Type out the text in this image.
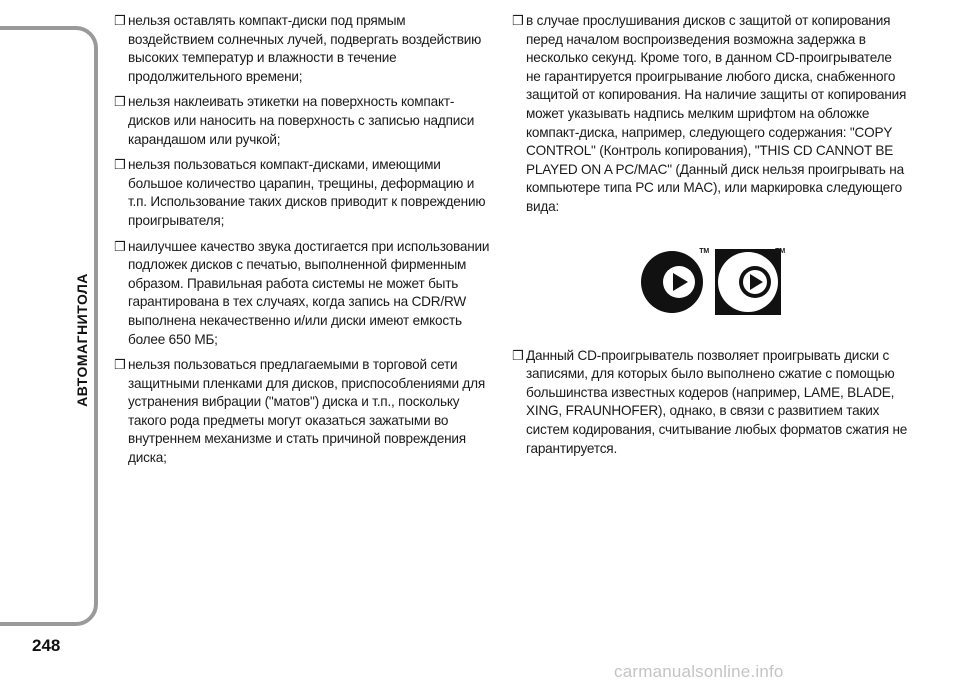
АВТОМАГНИТОЛА
248
❒ нельзя оставлять компакт-диски под прямым воздействием солнечных лучей, подвергать воздействию высоких температур и влажности в течение продолжительного времени;

❒ нельзя наклеивать этикетки на поверхность компакт-дисков или наносить на поверхность с записью надписи карандашом или ручкой;

❒ нельзя пользоваться компакт-дисками, имеющими большое количество царапин, трещины, деформацию и т.п. Использование таких дисков приводит к повреждению проигрывателя;

❒ наилучшее качество звука достигается при использовании подложек дисков с печатью, выполненной фирменным образом. Правильная работа системы не может быть гарантирована в тех случаях, когда запись на CDR/RW выполнена некачественно и/или диски имеют емкость более 650 МБ;

❒ нельзя пользоваться предлагаемыми в торговой сети защитными пленками для дисков, приспособлениями для устранения вибрации ("матов") диска и т.п., поскольку такого рода предметы могут оказаться зажатыми во внутреннем механизме и стать причиной повреждения диска;

❒ в случае прослушивания дисков с защитой от копирования перед началом воспроизведения возможна задержка в несколько секунд. Кроме того, в данном CD-проигрывателе не гарантируется проигрывание любого диска, снабженного защитой от копирования. На наличие защиты от копирования может указывать надпись мелким шрифтом на обложке компакт-диска, например, следующего содержания: "COPY CONTROL" (Контроль копирования), "THIS CD CANNOT BE PLAYED ON A PC/MAC" (Данный диск нельзя проигрывать на компьютере типа PC или MAC), или маркировка следующего вида:

TM	TM
❒ Данный CD-проигрыватель позволяет проигрывать диски с записями, для которых было выполнено сжатие с помощью большинства известных кодеров (например, LAME, BLADE, XING, FRAUNHOFER), однако, в связи с развитием таких систем кодирования, считывание любых форматов сжатия не гарантируется.

carmanualsonline.info
